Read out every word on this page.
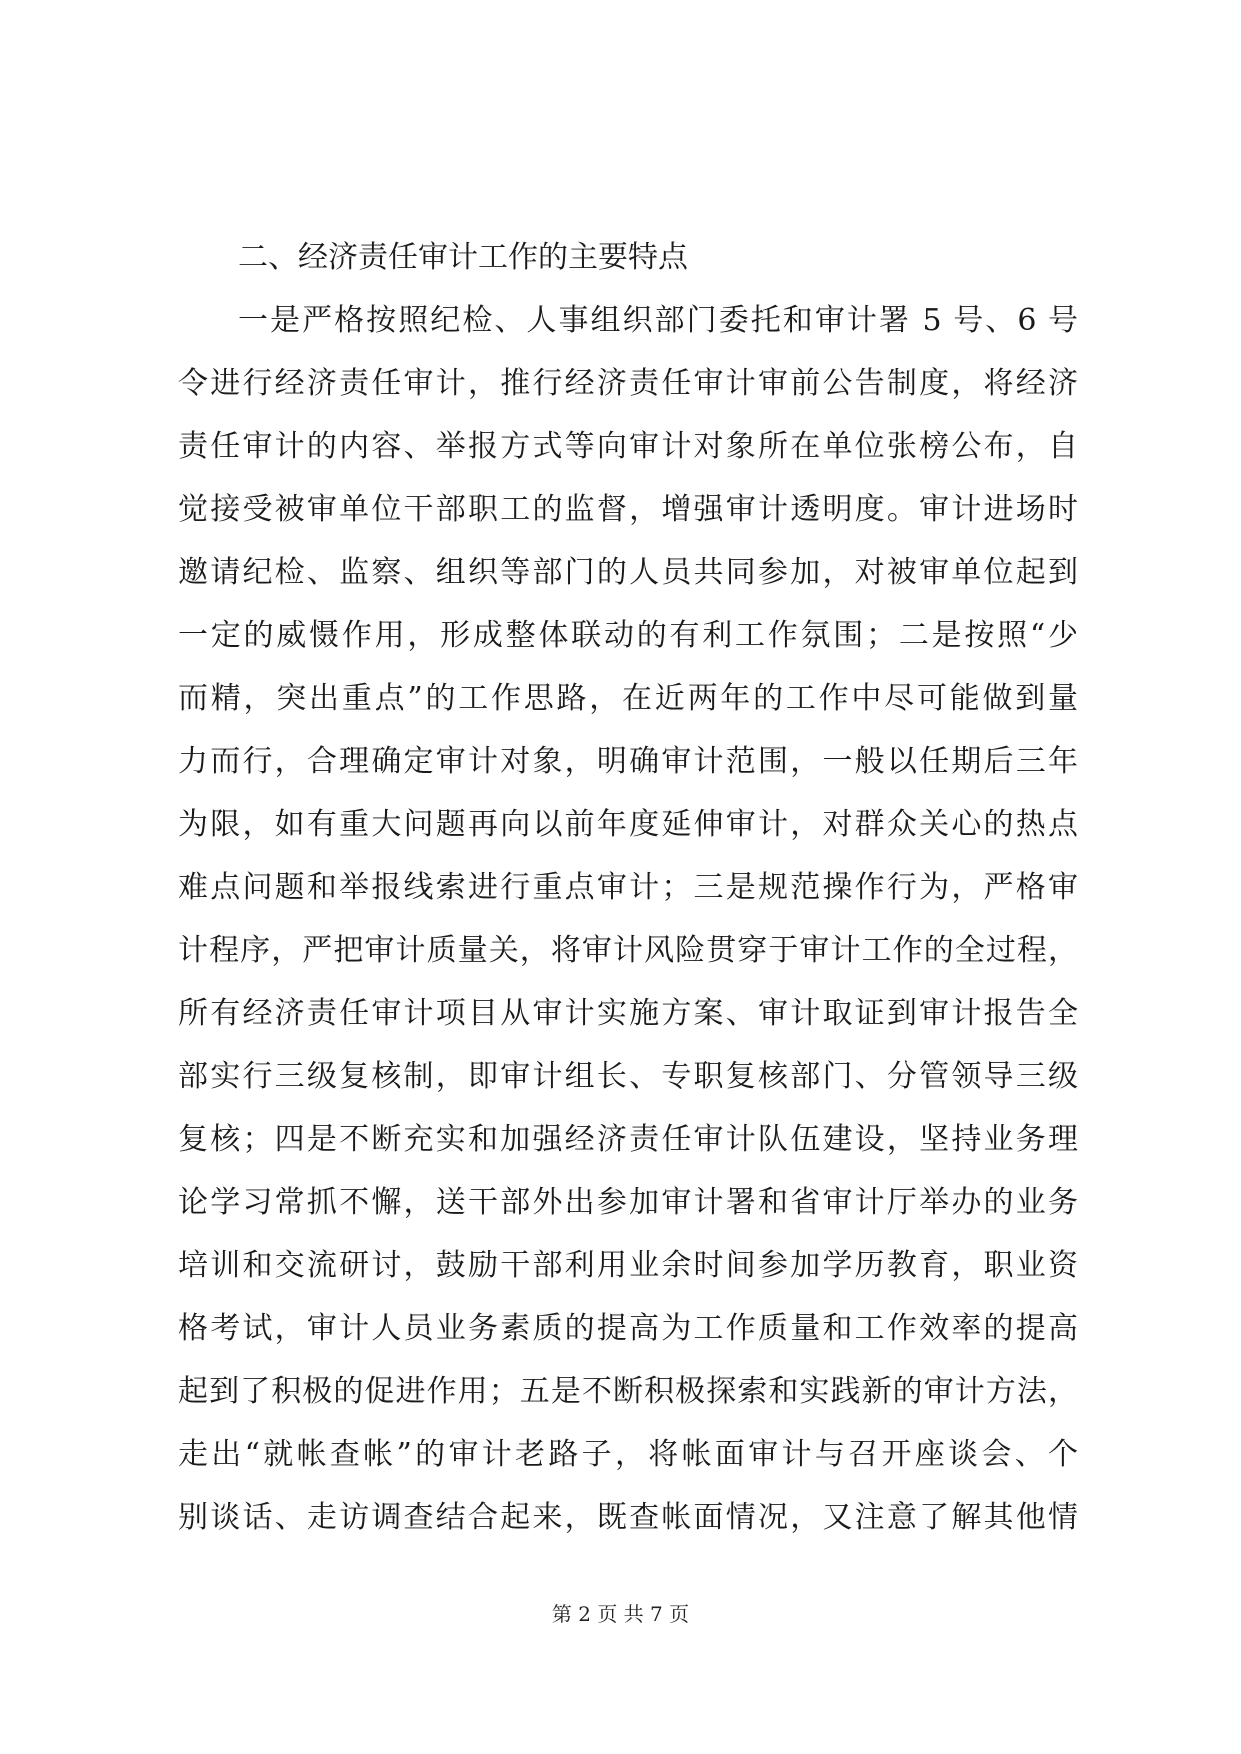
二、经济责任审计工作的主要特点
一是严格按照纪检、人事组织部门委托和审计署 5 号、6 号
令进行经济责任审计，推行经济责任审计审前公告制度，将经济
责任审计的内容、举报方式等向审计对象所在单位张榜公布，自
觉接受被审单位干部职工的监督，增强审计透明度。审计进场时
邀请纪检、监察、组织等部门的人员共同参加，对被审单位起到
一定的威慑作用，形成整体联动的有利工作氛围；二是按照“少
而精，突出重点”的工作思路，在近两年的工作中尽可能做到量
力而行，合理确定审计对象，明确审计范围，一般以任期后三年
为限，如有重大问题再向以前年度延伸审计，对群众关心的热点
难点问题和举报线索进行重点审计；三是规范操作行为，严格审
计程序，严把审计质量关，将审计风险贯穿于审计工作的全过程，
所有经济责任审计项目从审计实施方案、审计取证到审计报告全
部实行三级复核制，即审计组长、专职复核部门、分管领导三级
复核；四是不断充实和加强经济责任审计队伍建设，坚持业务理
论学习常抓不懈，送干部外出参加审计署和省审计厅举办的业务
培训和交流研讨，鼓励干部利用业余时间参加学历教育，职业资
格考试，审计人员业务素质的提高为工作质量和工作效率的提高
起到了积极的促进作用；五是不断积极探索和实践新的审计方法，
走出“就帐查帐”的审计老路子，将帐面审计与召开座谈会、个
别谈话、走访调查结合起来，既查帐面情况，又注意了解其他情
第 2 页 共 7 页
